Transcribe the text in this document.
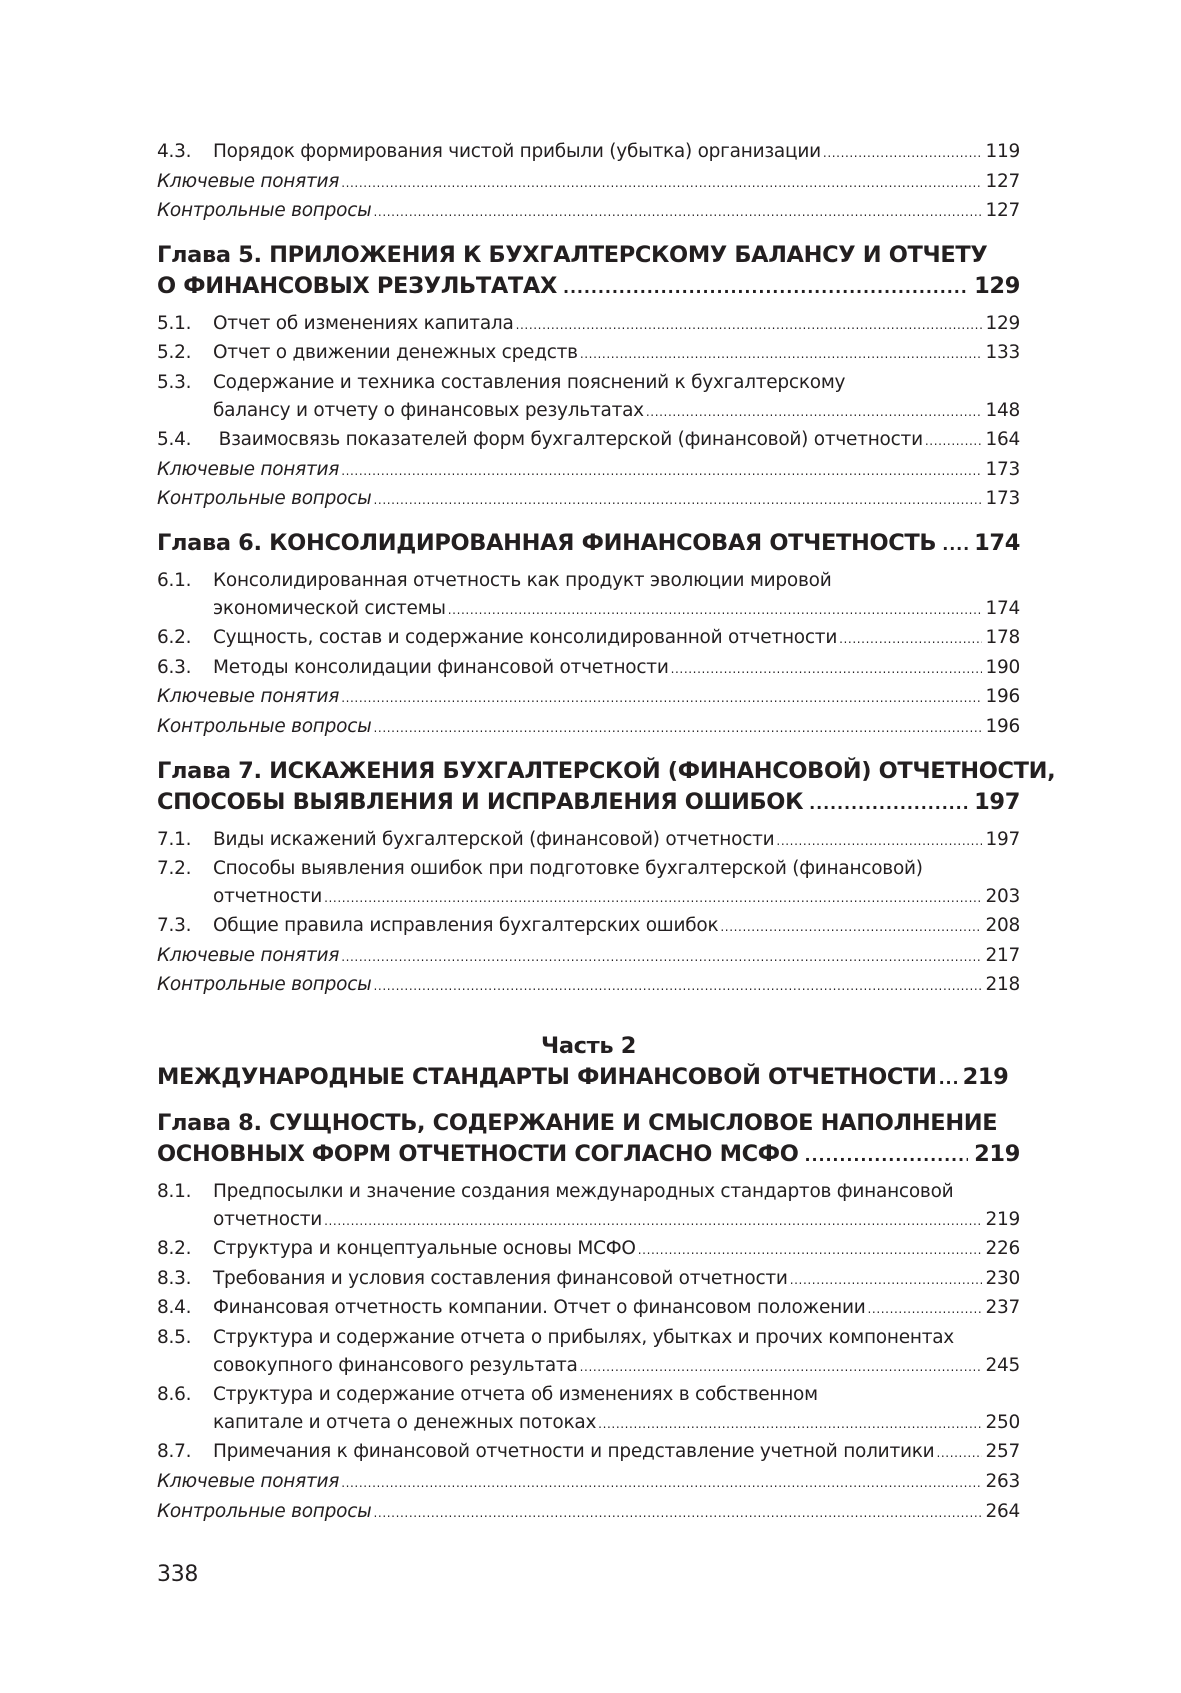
4.3.	Порядок формирования чистой прибыли (убытка) организации .....	119
Ключевые понятия .....	127
Контрольные вопросы .....	127
Глава 5. ПРИЛОЖЕНИЯ К БУХГАЛТЕРСКОМУ БАЛАНСУ И ОТЧЕТУ
О ФИНАНСОВЫХ РЕЗУЛЬТАТАХ .....	129
5.1.	Отчет об изменениях капитала .....	129
5.2.	Отчет о движении денежных средств .....	133
5.3. Содержание и техника составления пояснений к бухгалтерскому
балансу и отчету о финансовых результатах .....	148
5.4.	Взаимосвязь показателей форм бухгалтерской (финансовой) отчетности .....	164
Ключевые понятия .....	173
Контрольные вопросы .....	173
Глава 6. КОНСОЛИДИРОВАННАЯ ФИНАНСОВАЯ ОТЧЕТНОСТЬ ..... 174
6.1. Консолидированная отчетность как продукт эволюции мировой
экономической системы .....	174
6.2.	Сущность, состав и содержание консолидированной отчетности .....	178
6.3.	Методы консолидации финансовой отчетности .....	190
Ключевые понятия .....	196
Контрольные вопросы .....	196
Глава 7. ИСКАЖЕНИЯ БУХГАЛТЕРСКОЙ (ФИНАНСОВОЙ) ОТЧЕТНОСТИ,
СПОСОБЫ ВЫЯВЛЕНИЯ И ИСПРАВЛЕНИЯ ОШИБОК .....	197
7.1.	Виды искажений бухгалтерской (финансовой) отчетности .....	197
7.2. Способы выявления ошибок при подготовке бухгалтерской (финансовой)
отчетности .....	203
7.3.	Общие правила исправления бухгалтерских ошибок .....	208
Ключевые понятия .....	217
Контрольные вопросы .....	218
Часть 2
МЕЖДУНАРОДНЫЕ СТАНДАРТЫ ФИНАНСОВОЙ ОТЧЕТНОСТИ ..... 219
Глава 8. СУЩНОСТЬ, СОДЕРЖАНИЕ И СМЫСЛОВОЕ НАПОЛНЕНИЕ
ОСНОВНЫХ ФОРМ ОТЧЕТНОСТИ СОГЛАСНО МСФО .....	219
8.1. Предпосылки и значение создания международных стандартов финансовой
отчетности .....	219
8.2.	Структура и концептуальные основы МСФО .....	226
8.3.	Требования и условия составления финансовой отчетности .....	230
8.4.	Финансовая отчетность компании. Отчет о финансовом положении .....	237
8.5. Структура и содержание отчета о прибылях, убытках и прочих компонентах
совокупного финансового результата .....	245
8.6. Структура и содержание отчета об изменениях в собственном
капитале и отчета о денежных потоках .....	250
8.7.	Примечания к финансовой отчетности и представление учетной политики .....	257
Ключевые понятия .....	263
Контрольные вопросы .....	264
338
